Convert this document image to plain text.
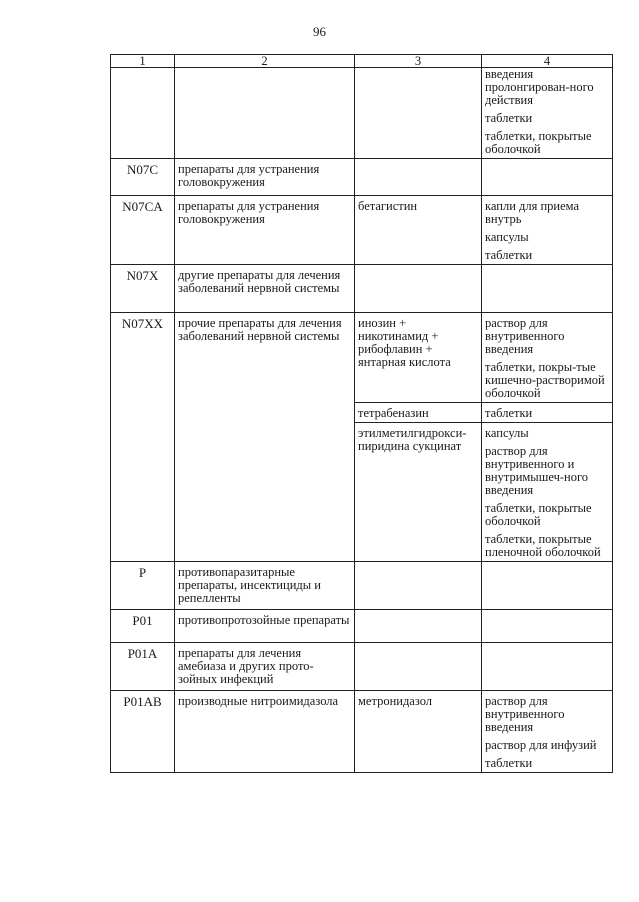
96
1	2	3	4

			введения пролонгирован-ного действия
таблетки
таблетки, покрытые оболочкой

N07C	препараты для устранения головокружения		
N07CA	препараты для устранения головокружения	бетагистин	капли для приема внутрь
капсулы
таблетки

N07X	другие препараты для лечения заболеваний нервной системы		
N07XX	прочие препараты для лечения заболеваний нервной системы	инозин + никотинамид + рибофлавин + янтарная кислота	раствор для внутривенного введения
таблетки, покры-тые кишечно-растворимой оболочкой

		тетрабеназин	таблетки

		этилметилгидрокси-пиридина сукцинат	капсулы
раствор для внутривенного и внутримышеч-ного введения
таблетки, покрытые оболочкой
таблетки, покрытые пленочной оболочкой

P	противопаразитарные препараты, инсектициды и репелленты		
P01	противопротозойные препараты		
P01A	препараты для лечения амебиаза и других прото-зойных инфекций		
P01AB	производные нитроимидазола	метронидазол	раствор для внутривенного введения
раствор для инфузий
таблетки
